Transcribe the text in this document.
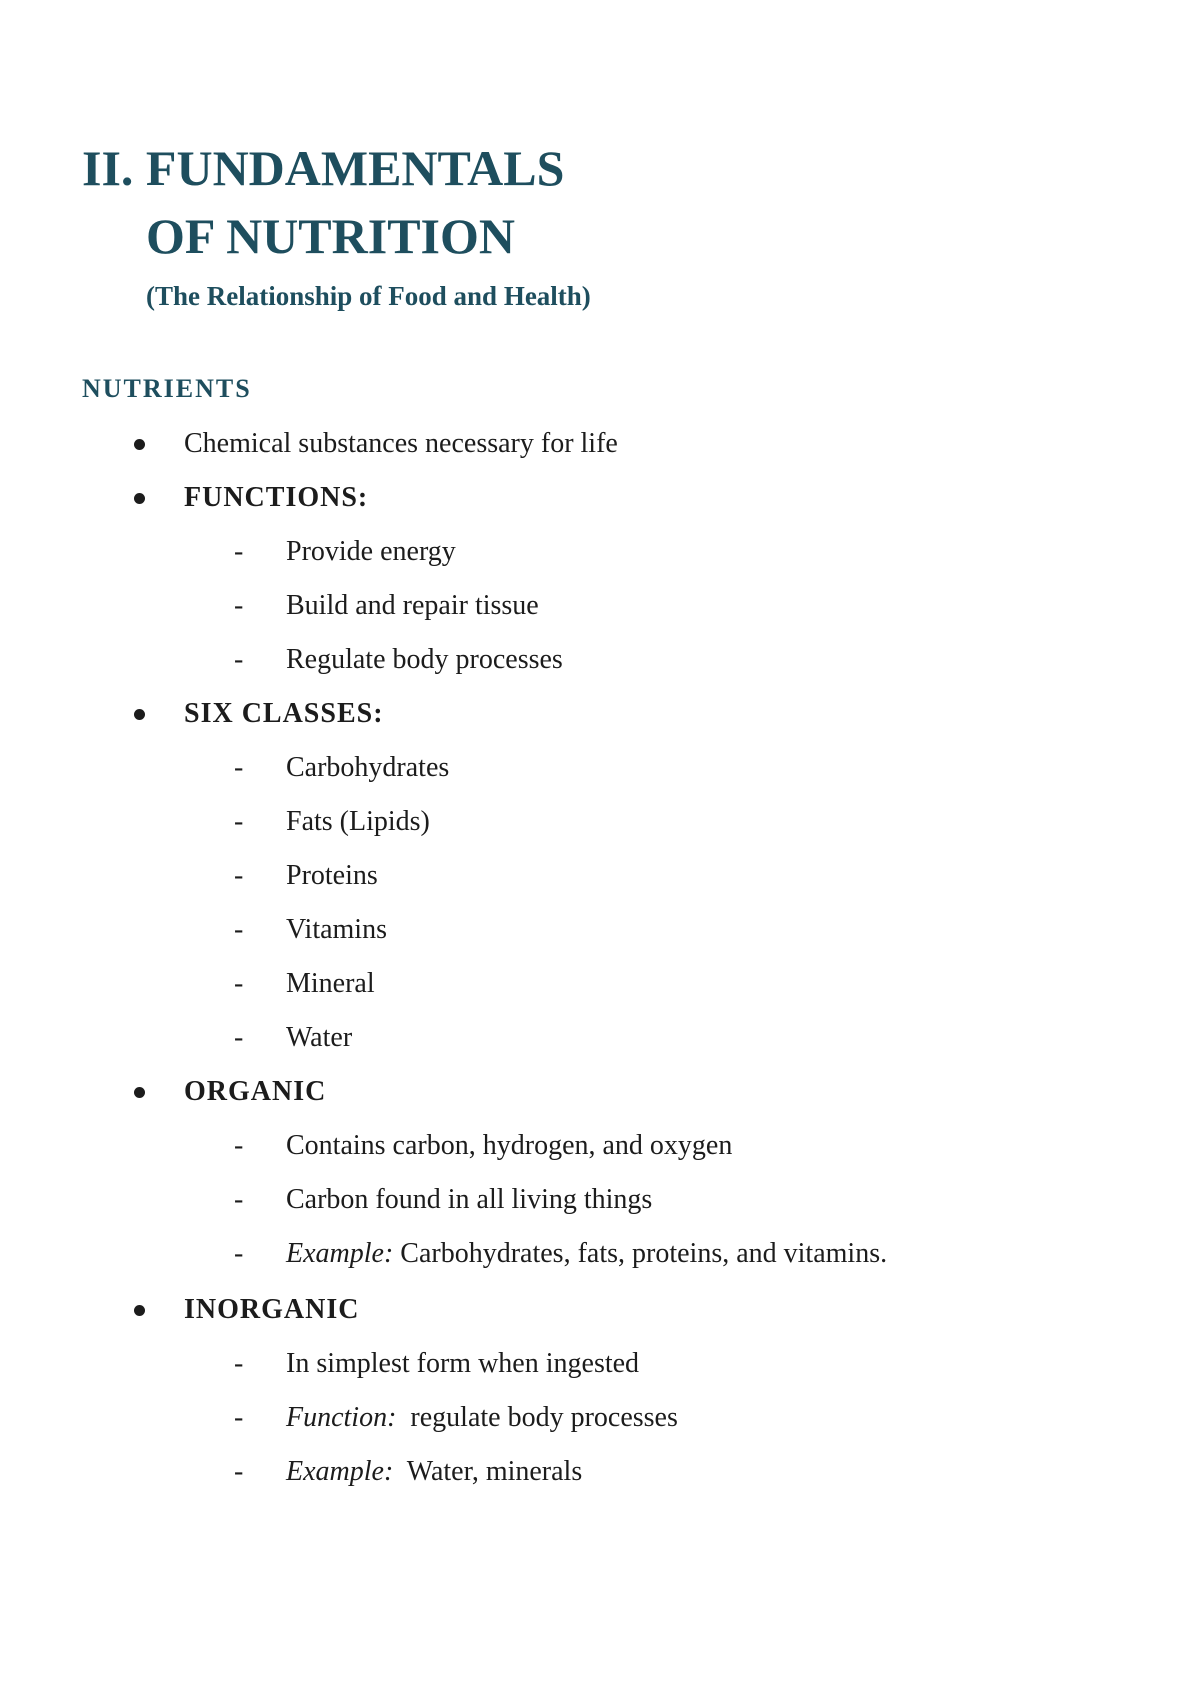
II. FUNDAMENTALS
OF NUTRITION
(The Relationship of Food and Health)
NUTRIENTS
Chemical substances necessary for life
FUNCTIONS:
- Provide energy
- Build and repair tissue
- Regulate body processes
SIX CLASSES:
- Carbohydrates
- Fats (Lipids)
- Proteins
- Vitamins
- Mineral
- Water
ORGANIC
- Contains carbon, hydrogen, and oxygen
- Carbon found in all living things
- Example: Carbohydrates, fats, proteins, and vitamins.
INORGANIC
- In simplest form when ingested
- Function:  regulate body processes
- Example:  Water, minerals
